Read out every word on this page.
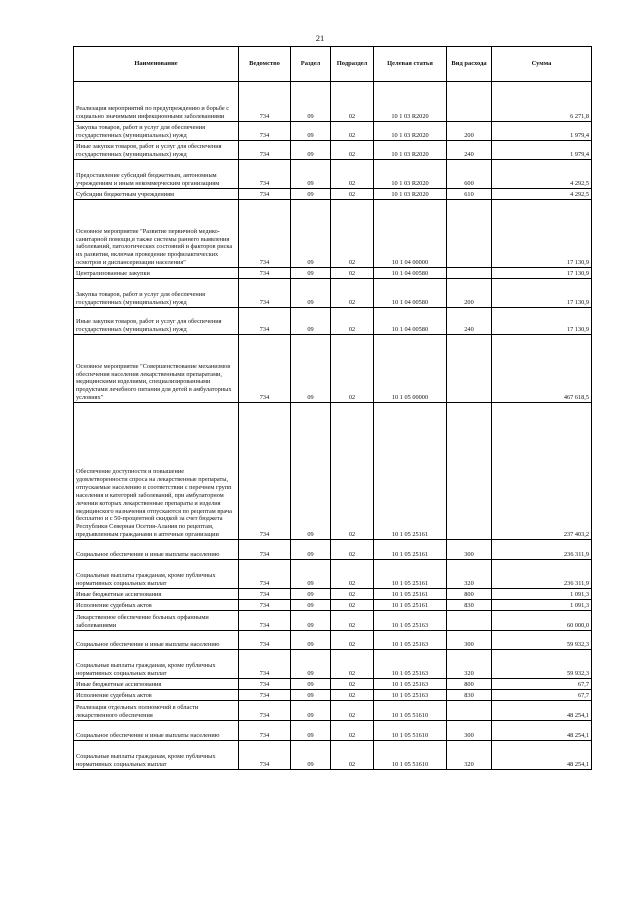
21
Наименование	Ведомство	Раздел	Подраздел	Целевая статья	Вид расхода	Сумма
Реализация мероприятий по предупреждению и борьбе с социально значимыми инфекционными заболеваниями	734	09	02	10 1 03 R2020		6 271,8
Закупка товаров, работ и услуг для обеспечения государственных (муниципальных) нужд	734	09	02	10 1 03 R2020	200	1 979,4
Иные закупки товаров, работ и услуг для обеспечения государственных (муниципальных) нужд	734	09	02	10 1 03 R2020	240	1 979,4
Предоставление субсидий бюджетным, автономным учреждениям и иным некоммерческим организациям	734	09	02	10 1 03 R2020	600	4 292,5
Субсидии бюджетным учреждениям	734	09	02	10 1 03 R2020	610	4 292,5
Основное мероприятие "Развитие первичной медико-санитарной помощи,в также системы раннего выявления заболеваний, патологических состояний и факторов риска их развития, включая проведение профилактических осмотров и диспансеризации населения"	734	09	02	10 1 04 00000		17 130,9
Централизованные закупки	734	09	02	10 1 04 00580		17 130,9
Закупка товаров, работ и услуг для обеспечения государственных (муниципальных) нужд	734	09	02	10 1 04 00580	200	17 130,9
Иные закупки товаров, работ и услуг для обеспечения государственных (муниципальных) нужд	734	09	02	10 1 04 00580	240	17 130,9
Основное мероприятие "Совершенствование механизмов обеспечения населения лекарственными препаратами, медицинскими изделиями, специализированными продуктами лечебного питания для детей в амбулаторных условиях"	734	09	02	10 1 05 00000		467 618,5
Обеспечение доступности и повышение удовлетворенности спроса на лекарственные препараты, отпускаемые населению в соответствии с перечнем групп населения и категорий заболеваний, при амбулаторном лечении которых лекарственные препараты и изделия медицинского назначения отпускаются по рецептам врача бесплатно и с 50-процентной скидкой за счет бюджета Республики Северная Осетия-Алания по рецептам, предъявленным гражданами в аптечные организации	734	09	02	10 1 05 25161		237 403,2
Социальное обеспечение и иные выплаты населению	734	09	02	10 1 05 25161	300	236 311,9
Социальные выплаты гражданам, кроме публичных нормативных социальных выплат	734	09	02	10 1 05 25161	320	236 311,9
Иные бюджетные ассигнования	734	09	02	10 1 05 25161	800	1 091,3
Исполнение судебных актов	734	09	02	10 1 05 25161	830	1 091,3
Лекарственное обеспечение больных орфанными заболеваниями	734	09	02	10 1 05 25163		60 000,0
Социальное обеспечение и иные выплаты населению	734	09	02	10 1 05 25163	300	59 932,3
Социальные выплаты гражданам, кроме публичных нормативных социальных выплат	734	09	02	10 1 05 25163	320	59 932,3
Иные бюджетные ассигнования	734	09	02	10 1 05 25163	800	67,7
Исполнение судебных актов	734	09	02	10 1 05 25163	830	67,7
Реализация отдельных полномочий в области лекарственного обеспечения	734	09	02	10 1 05 51610		48 254,1
Социальное обеспечение и иные выплаты населению	734	09	02	10 1 05 51610	300	48 254,1
Социальные выплаты гражданам, кроме публичных нормативных социальных выплат	734	09	02	10 1 05 51610	320	48 254,1
